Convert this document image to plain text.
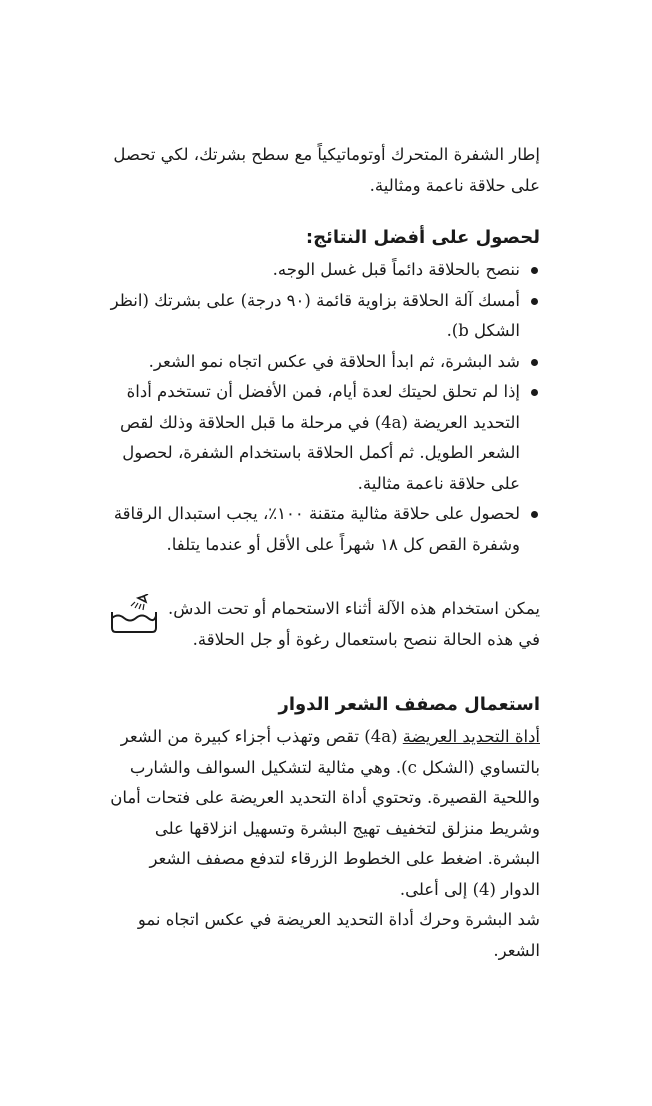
إطار الشفرة المتحرك أوتوماتيكياً مع سطح بشرتك، لكي تحصل
على حلاقة ناعمة ومثالية.

لحصول على أفضل النتائج:
ننصح بالحلاقة دائماً قبل غسل الوجه.
أمسك آلة الحلاقة بزاوية قائمة (٩٠ درجة) على بشرتك (انظر الشكل b).
شد البشرة، ثم ابدأ الحلاقة في عكس اتجاه نمو الشعر.
إذا لم تحلق لحيتك لعدة أيام، فمن الأفضل أن تستخدم أداة التحديد العريضة (4a) في مرحلة ما قبل الحلاقة وذلك لقص الشعر الطويل. ثم أكمل الحلاقة باستخدام الشفرة، لحصول على حلاقة ناعمة مثالية.
لحصول على حلاقة مثالية متقنة ١٠٠٪، يجب استبدال الرقاقة وشفرة القص كل ١٨ شهراً على الأقل أو عندما يتلفا.
يمكن استخدام هذه الآلة أثناء الاستحمام أو تحت الدش.
في هذه الحالة ننصح باستعمال رغوة أو جل الحلاقة.
استعمال مصفف الشعر الدوار

أداة التحديد العريضة (4a) تقص وتهذب أجزاء كبيرة من الشعر بالتساوي (الشكل c). وهي مثالية لتشكيل السوالف والشارب واللحية القصيرة. وتحتوي أداة التحديد العريضة على فتحات أمان وشريط منزلق لتخفيف تهيج البشرة وتسهيل انزلاقها على البشرة. اضغط على الخطوط الزرقاء لتدفع مصفف الشعر الدوار (4) إلى أعلى.

شد البشرة وحرك أداة التحديد العريضة في عكس اتجاه نمو الشعر.
